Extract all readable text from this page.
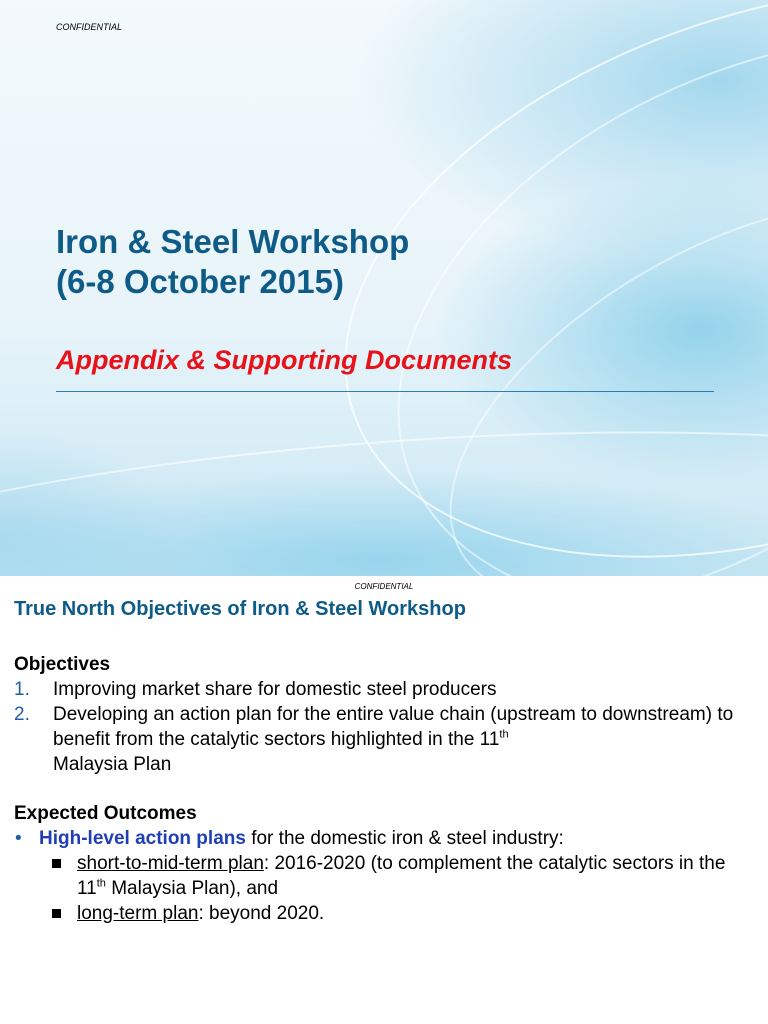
CONFIDENTIAL
Iron & Steel Workshop
(6-8 October 2015)
Appendix & Supporting Documents
CONFIDENTIAL
True North Objectives of Iron & Steel Workshop
Objectives
1. Improving market share for domestic steel producers
2. Developing an action plan for the entire value chain (upstream to downstream) to benefit from the catalytic sectors highlighted in the 11th
Malaysia Plan
Expected Outcomes
• High-level action plans for the domestic iron & steel industry:
short-to-mid-term plan: 2016-2020 (to complement the catalytic sectors in the 11th Malaysia Plan), and
long-term plan: beyond 2020.
